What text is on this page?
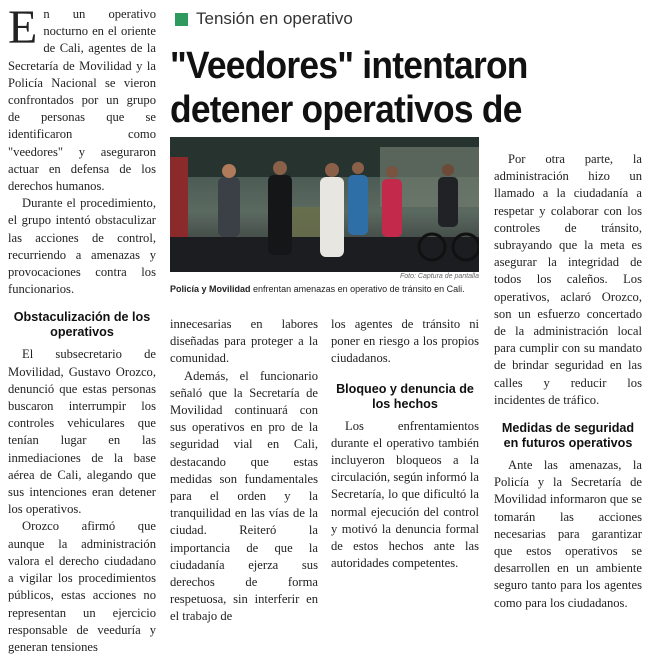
En un operativo nocturno en el oriente de Cali, agentes de la Secretaría de Movilidad y la Policía Nacional se vieron confrontados por un grupo de personas que se identificaron como "veedores" y aseguraron actuar en defensa de los derechos humanos.

Durante el procedimiento, el grupo intentó obstaculizar las acciones de control, recurriendo a amenazas y provocaciones contra los funcionarios.

Obstaculización de los operativos

El subsecretario de Movilidad, Gustavo Orozco, denunció que estas personas buscaron interrumpir los controles vehiculares que tenían lugar en las inmediaciones de la base aérea de Cali, alegando que sus intenciones eran detener los operativos.

Orozco afirmó que aunque la administración valora el derecho ciudadano a vigilar los procedimientos públicos, estas acciones no representan un ejercicio responsable de veeduría y generan tensiones

Tensión en operativo
"Veedores" intentaron detener operativos de
Foto: Captura de pantalla
Policía y Movilidad enfrentan amenazas en operativo de tránsito en Cali.

innecesarias en labores diseñadas para proteger a la comunidad.

Además, el funcionario señaló que la Secretaría de Movilidad continuará con sus operativos en pro de la seguridad vial en Cali, destacando que estas medidas son fundamentales para el orden y la tranquilidad en las vías de la ciudad. Reiteró la importancia de que la ciudadanía ejerza sus derechos de forma respetuosa, sin interferir en el trabajo de

los agentes de tránsito ni poner en riesgo a los propios ciudadanos.

Bloqueo y denuncia de los hechos

Los enfrentamientos durante el operativo también incluyeron bloqueos a la circulación, según informó la Secretaría, lo que dificultó la normal ejecución del control y motivó la denuncia formal de estos hechos ante las autoridades competentes.

Por otra parte, la administración hizo un llamado a la ciudadanía a respetar y colaborar con los controles de tránsito, subrayando que la meta es asegurar la integridad de todos los caleños. Los operativos, aclaró Orozco, son un esfuerzo concertado de la administración local para cumplir con su mandato de brindar seguridad en las calles y reducir los incidentes de tráfico.

Medidas de seguridad en futuros operativos

Ante las amenazas, la Policía y la Secretaría de Movilidad informaron que se tomarán las acciones necesarias para garantizar que estos operativos se desarrollen en un ambiente seguro tanto para los agentes como para los ciudadanos.
